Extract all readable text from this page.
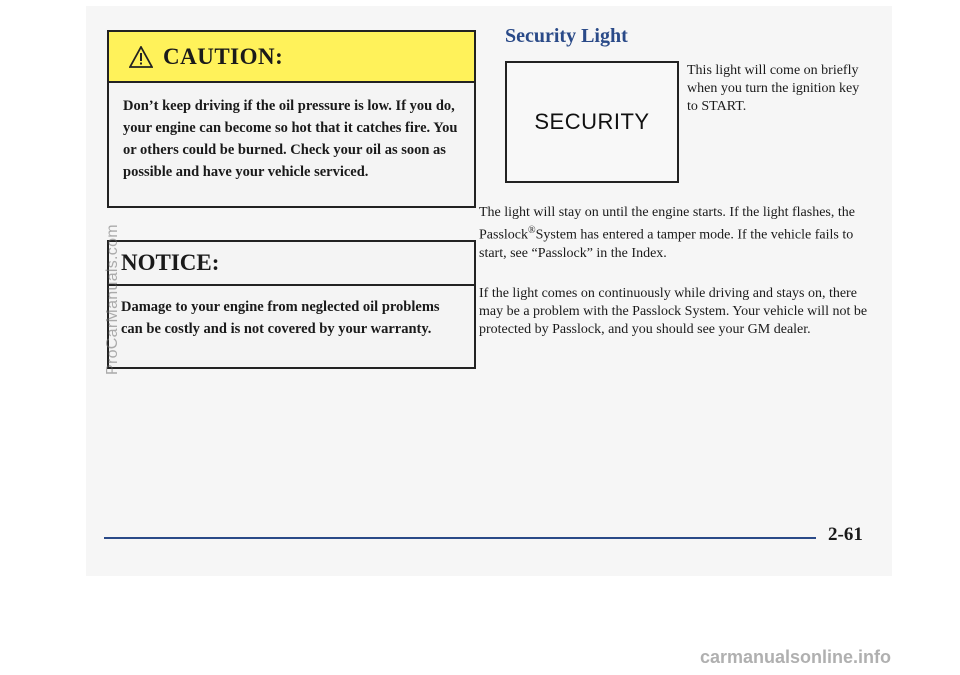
CAUTION:
Don’t keep driving if the oil pressure is low. If you do, your engine can become so hot that it catches fire. You or others could be burned. Check your oil as soon as possible and have your vehicle serviced.
NOTICE:
Damage to your engine from neglected oil problems can be costly and is not covered by your warranty.
Security Light
SECURITY
This light will come on briefly when you turn the ignition key to START.

The light will stay on until the engine starts. If the light flashes, the Passlock®System has entered a tamper mode. If the vehicle fails to start, see “Passlock” in the Index.

If the light comes on continuously while driving and stays on, there may be a problem with the Passlock System. Your vehicle will not be protected by Passlock, and you should see your GM dealer.

2-61
ProCarManuals.com
carmanualsonline.info
